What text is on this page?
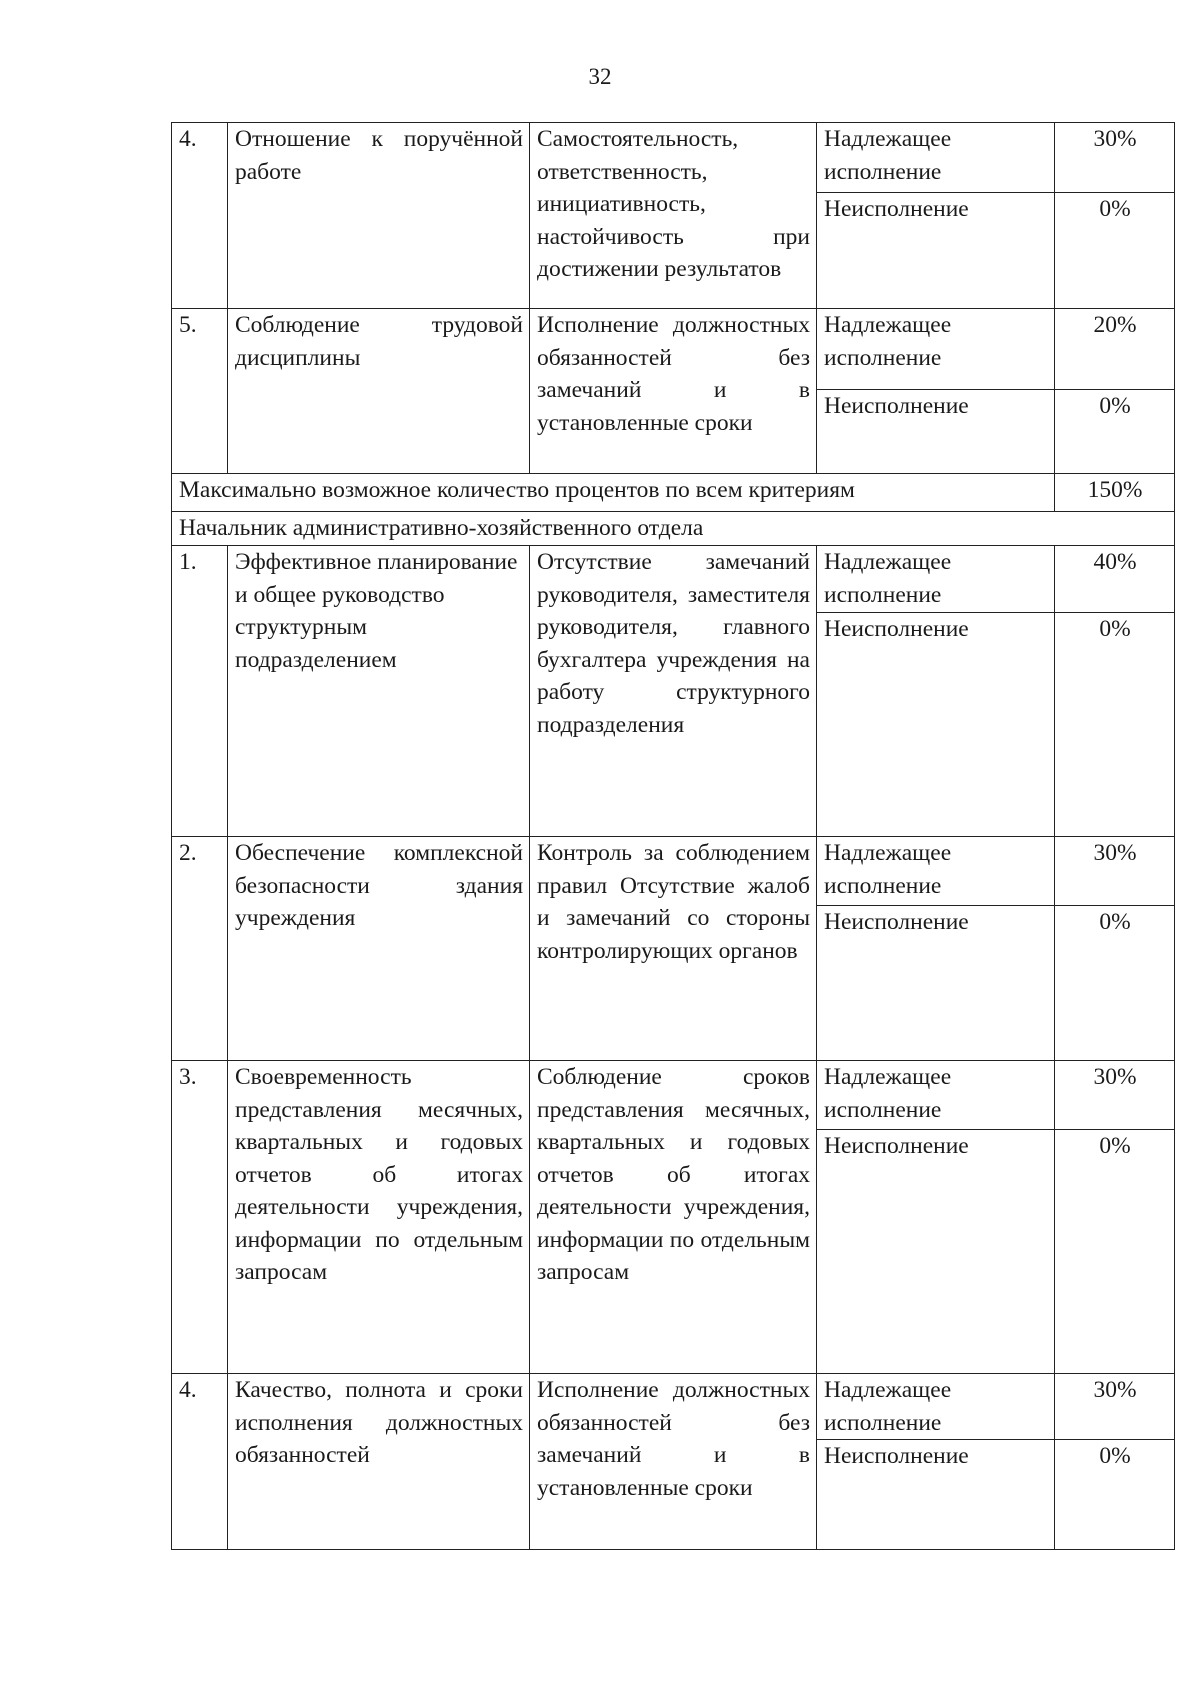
32
4.	Отношение к поручённой работе	Самостоятельность, ответственность, инициативность, настойчивость при достижении результатов	Надлежащее исполнение	30%
			Неисполнение	0%
5.	Соблюдение трудовой дисциплины	Исполнение должностных обязанностей без замечаний и в установленные сроки	Надлежащее исполнение	20%
			Неисполнение	0%
Максимально возможное количество процентов по всем критериям				150%
Начальник административно-хозяйственного отдела				
1.	Эффективное планирование и общее руководство структурным подразделением	Отсутствие замечаний руководителя, заместителя руководителя, главного бухгалтера учреждения на работу структурного подразделения	Надлежащее исполнение	40%
			Неисполнение	0%
2.	Обеспечение комплексной безопасности здания учреждения	Контроль за соблюдением правил Отсутствие жалоб и замечаний со стороны контролирующих органов	Надлежащее исполнение	30%
			Неисполнение	0%
3.	Своевременность представления месячных, квартальных и годовых отчетов об итогах деятельности учреждения, информации по отдельным запросам	Соблюдение сроков представления месячных, квартальных и годовых отчетов об итогах деятельности учреждения, информации по отдельным запросам	Надлежащее исполнение	30%
			Неисполнение	0%
4.	Качество, полнота и сроки исполнения должностных обязанностей	Исполнение должностных обязанностей без замечаний и в установленные сроки	Надлежащее исполнение	30%
			Неисполнение	0%
